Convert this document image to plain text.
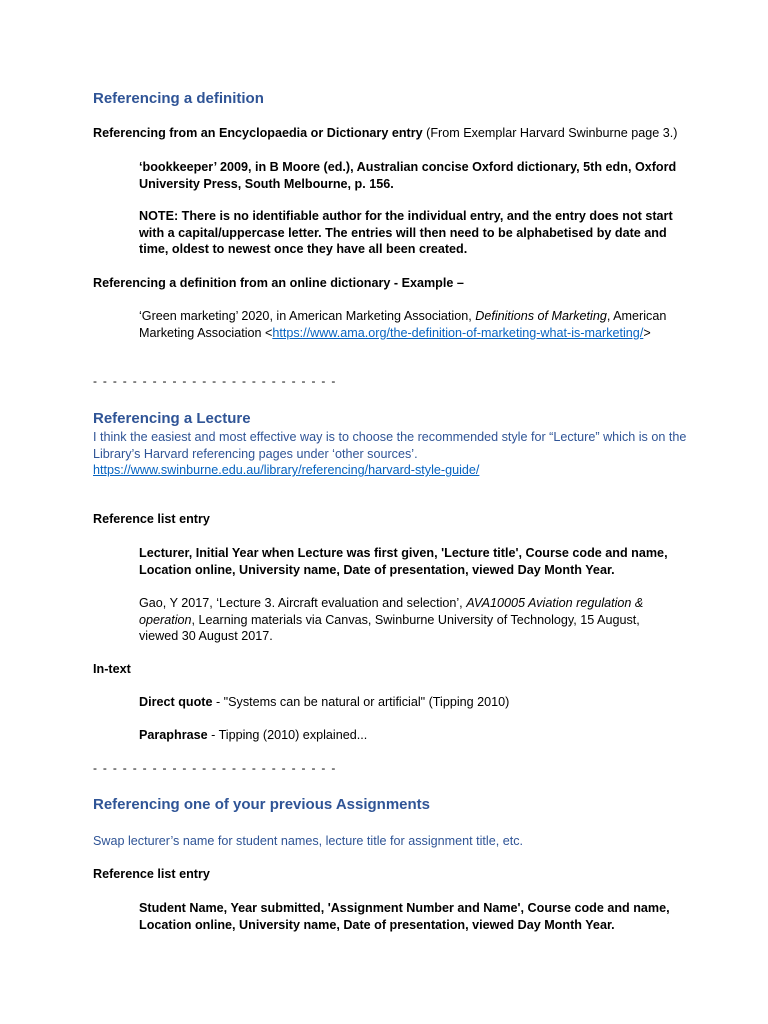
Referencing a definition
Referencing from an Encyclopaedia or Dictionary entry (From Exemplar Harvard Swinburne page 3.)
‘bookkeeper’ 2009, in B Moore (ed.), Australian concise Oxford dictionary, 5th edn, Oxford University Press, South Melbourne, p. 156.
NOTE: There is no identifiable author for the individual entry, and the entry does not start with a capital/uppercase letter. The entries will then need to be alphabetised by date and time, oldest to newest once they have all been created.
Referencing a definition from an online dictionary - Example –
‘Green marketing’ 2020, in American Marketing Association, Definitions of Marketing, American Marketing Association <https://www.ama.org/the-definition-of-marketing-what-is-marketing/>
- - - - - - - - - - - - - - - - - - - - - - - - -
Referencing a Lecture
I think the easiest and most effective way is to choose the recommended style for “Lecture” which is on the Library’s Harvard referencing pages under ‘other sources’.
https://www.swinburne.edu.au/library/referencing/harvard-style-guide/
Reference list entry
Lecturer, Initial Year when Lecture was first given, 'Lecture title', Course code and name, Location online, University name, Date of presentation, viewed Day Month Year.
Gao, Y 2017, ‘Lecture 3. Aircraft evaluation and selection’, AVA10005 Aviation regulation & operation, Learning materials via Canvas, Swinburne University of Technology, 15 August, viewed 30 August 2017.
In-text
Direct quote - "Systems can be natural or artificial" (Tipping 2010)
Paraphrase - Tipping (2010) explained...
- - - - - - - - - - - - - - - - - - - - - - - - -
Referencing one of your previous Assignments
Swap lecturer’s name for student names, lecture title for assignment title, etc.
Reference list entry
Student Name, Year submitted, 'Assignment Number and Name', Course code and name, Location online, University name, Date of presentation, viewed Day Month Year.
